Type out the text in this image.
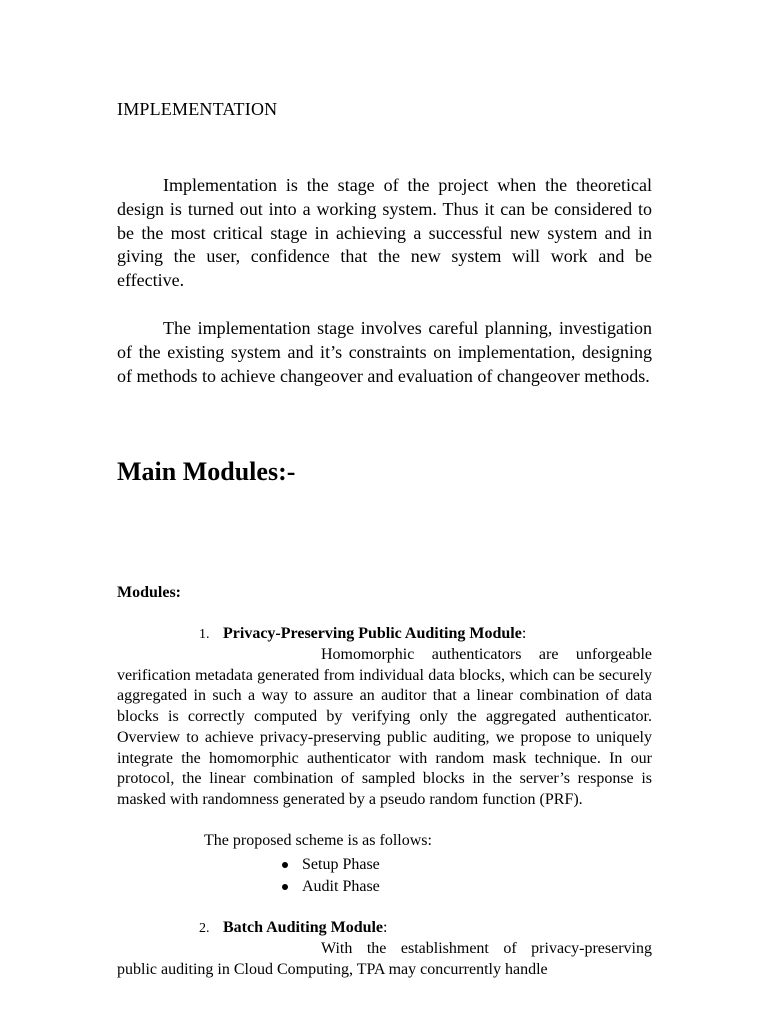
IMPLEMENTATION

Implementation is the stage of the project when the theoretical design is turned out into a working system. Thus it can be considered to be the most critical stage in achieving a successful new system and in giving the user, confidence that the new system will work and be effective.

The implementation stage involves careful planning, investigation of the existing system and it’s constraints on implementation, designing of methods to achieve changeover and evaluation of changeover methods.

Main Modules:-
Modules:
1. Privacy-Preserving Public Auditing Module:

Homomorphic authenticators are unforgeable verification metadata generated from individual data blocks, which can be securely aggregated in such a way to assure an auditor that a linear combination of data blocks is correctly computed by verifying only the aggregated authenticator. Overview to achieve privacy-preserving public auditing, we propose to uniquely integrate the homomorphic authenticator with random mask technique. In our protocol, the linear combination of sampled blocks in the server’s response is masked with randomness generated by a pseudo random function (PRF).

The proposed scheme is as follows:
Setup Phase
Audit Phase
2. Batch Auditing Module:

With the establishment of privacy-preserving public auditing in Cloud Computing, TPA may concurrently handle
